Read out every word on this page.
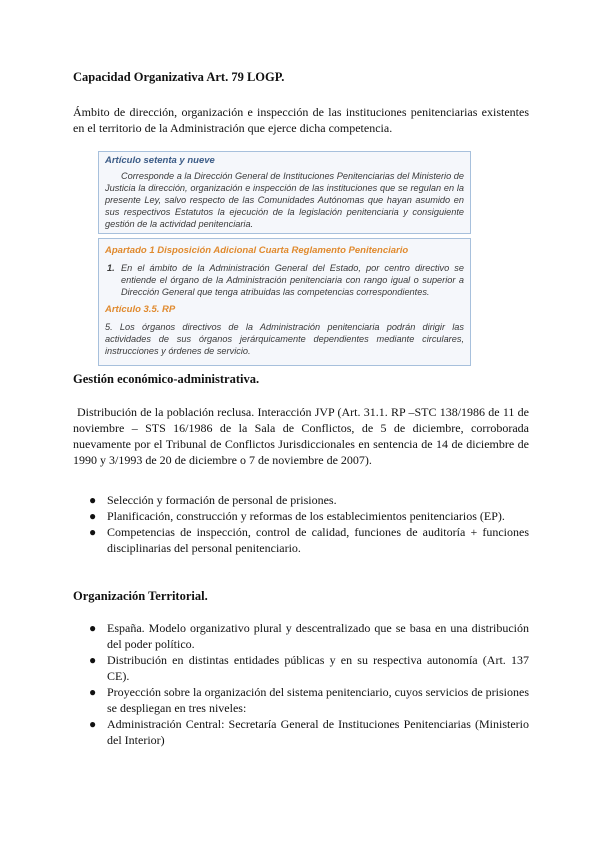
Capacidad Organizativa Art. 79 LOGP.
Ámbito de dirección, organización e inspección de las instituciones penitenciarias existentes en el territorio de la Administración que ejerce dicha competencia.

Artículo setenta y nueve

Corresponde a la Dirección General de Instituciones Penitenciarias del Ministerio de Justicia la dirección, organización e inspección de las instituciones que se regulan en la presente Ley, salvo respecto de las Comunidades Autónomas que hayan asumido en sus respectivos Estatutos la ejecución de la legislación penitenciaria y consiguiente gestión de la actividad penitenciaria.

Apartado 1 Disposición Adicional Cuarta Reglamento Penitenciario

1. En el ámbito de la Administración General del Estado, por centro directivo se entiende el órgano de la Administración penitenciaria con rango igual o superior a Dirección General que tenga atribuidas las competencias correspondientes.

Artículo 3.5. RP

5. Los órganos directivos de la Administración penitenciaria podrán dirigir las actividades de sus órganos jerárquicamente dependientes mediante circulares, instrucciones y órdenes de servicio.

Gestión económico-administrativa.
Distribución de la población reclusa. Interacción JVP (Art. 31.1. RP –STC 138/1986 de 11 de noviembre – STS 16/1986 de la Sala de Conflictos, de 5 de diciembre, corroborada nuevamente por el Tribunal de Conflictos Jurisdiccionales en sentencia de 14 de diciembre de 1990 y 3/1993 de 20 de diciembre o 7 de noviembre de 2007).
● Selección y formación de personal de prisiones.
● Planificación, construcción y reformas de los establecimientos penitenciarios (EP).
● Competencias de inspección, control de calidad, funciones de auditoría + funciones disciplinarias del personal penitenciario.
Organización Territorial.
● España. Modelo organizativo plural y descentralizado que se basa en una distribución del poder político.
● Distribución en distintas entidades públicas y en su respectiva autonomía (Art. 137 CE).
● Proyección sobre la organización del sistema penitenciario, cuyos servicios de prisiones se despliegan en tres niveles:
● Administración Central: Secretaría General de Instituciones Penitenciarias (Ministerio del Interior)
